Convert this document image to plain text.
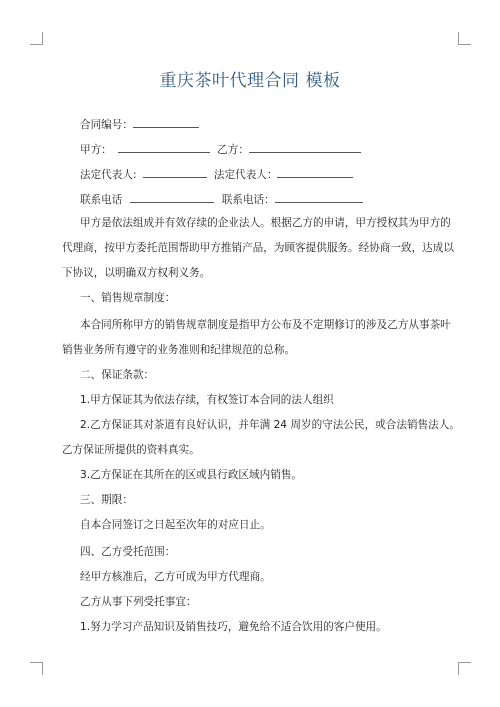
重庆茶叶代理合同 模板
合同编号：
甲方：	乙方：
法定代表人:	法定代表人：
联系电话	联系电话：
甲方是依法组成并有效存续的企业法人。根据乙方的申请，甲方授权其为甲方的
代理商，按甲方委托范围帮助甲方推销产品，为顾客提供服务。经协商一致，达成以
下协议，以明确双方权利义务。
一、销售规章制度：
本合同所称甲方的销售规章制度是指甲方公布及不定期修订的涉及乙方从事茶叶
销售业务所有遵守的业务准则和纪律规范的总称。
二、保证条款：
1.甲方保证其为依法存续，有权签订本合同的法人组织
2.乙方保证其对茶道有良好认识，并年满 24 周岁的守法公民，或合法销售法人。
乙方保证所提供的资料真实。
3.乙方保证在其所在的区或县行政区域内销售。
三、期限：
自本合同签订之日起至次年的对应日止。
四、乙方受托范围：
经甲方核准后，乙方可成为甲方代理商。
乙方从事下列受托事宜：
1.努力学习产品知识及销售技巧，避免给不适合饮用的客户使用。
